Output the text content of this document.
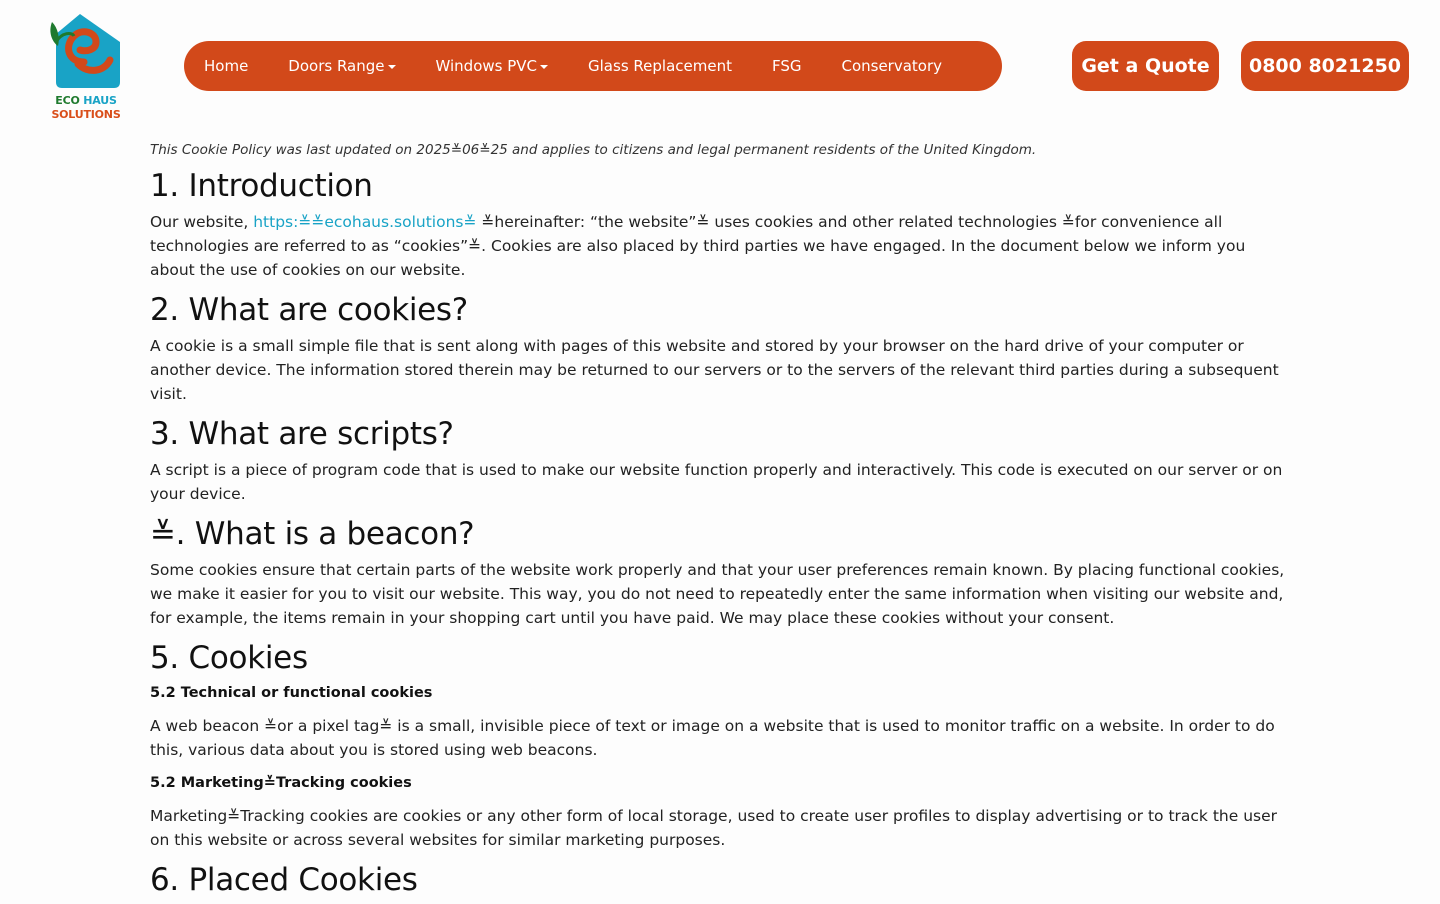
ECO HAUS
SOLUTIONS
Home	Doors Range	Windows PVC	Glass Replacement	FSG	Conservatory	Get a Quote	0800 8021250

This Cookie Policy was last updated on 2025≚06≚25 and applies to citizens and legal permanent residents of the United Kingdom.

1. Introduction

Our website, https:≚≚ecohaus.solutions≚ ≚hereinafter: “the website”≚ uses cookies and other related technologies ≚for convenience all technologies are referred to as “cookies”≚. Cookies are also placed by third parties we have engaged. In the document below we inform you about the use of cookies on our website.

2. What are cookies?

A cookie is a small simple file that is sent along with pages of this website and stored by your browser on the hard drive of your computer or another device. The information stored therein may be returned to our servers or to the servers of the relevant third parties during a subsequent visit.

3. What are scripts?

A script is a piece of program code that is used to make our website function properly and interactively. This code is executed on our server or on your device.

≚. What is a beacon?

Some cookies ensure that certain parts of the website work properly and that your user preferences remain known. By placing functional cookies, we make it easier for you to visit our website. This way, you do not need to repeatedly enter the same information when visiting our website and, for example, the items remain in your shopping cart until you have paid. We may place these cookies without your consent.

5. Cookies
5.2 Technical or functional cookies

A web beacon ≚or a pixel tag≚ is a small, invisible piece of text or image on a website that is used to monitor traffic on a website. In order to do this, various data about you is stored using web beacons.

5.2 Marketing≚Tracking cookies

Marketing≚Tracking cookies are cookies or any other form of local storage, used to create user profiles to display advertising or to track the user on this website or across several websites for similar marketing purposes.

6. Placed Cookies
